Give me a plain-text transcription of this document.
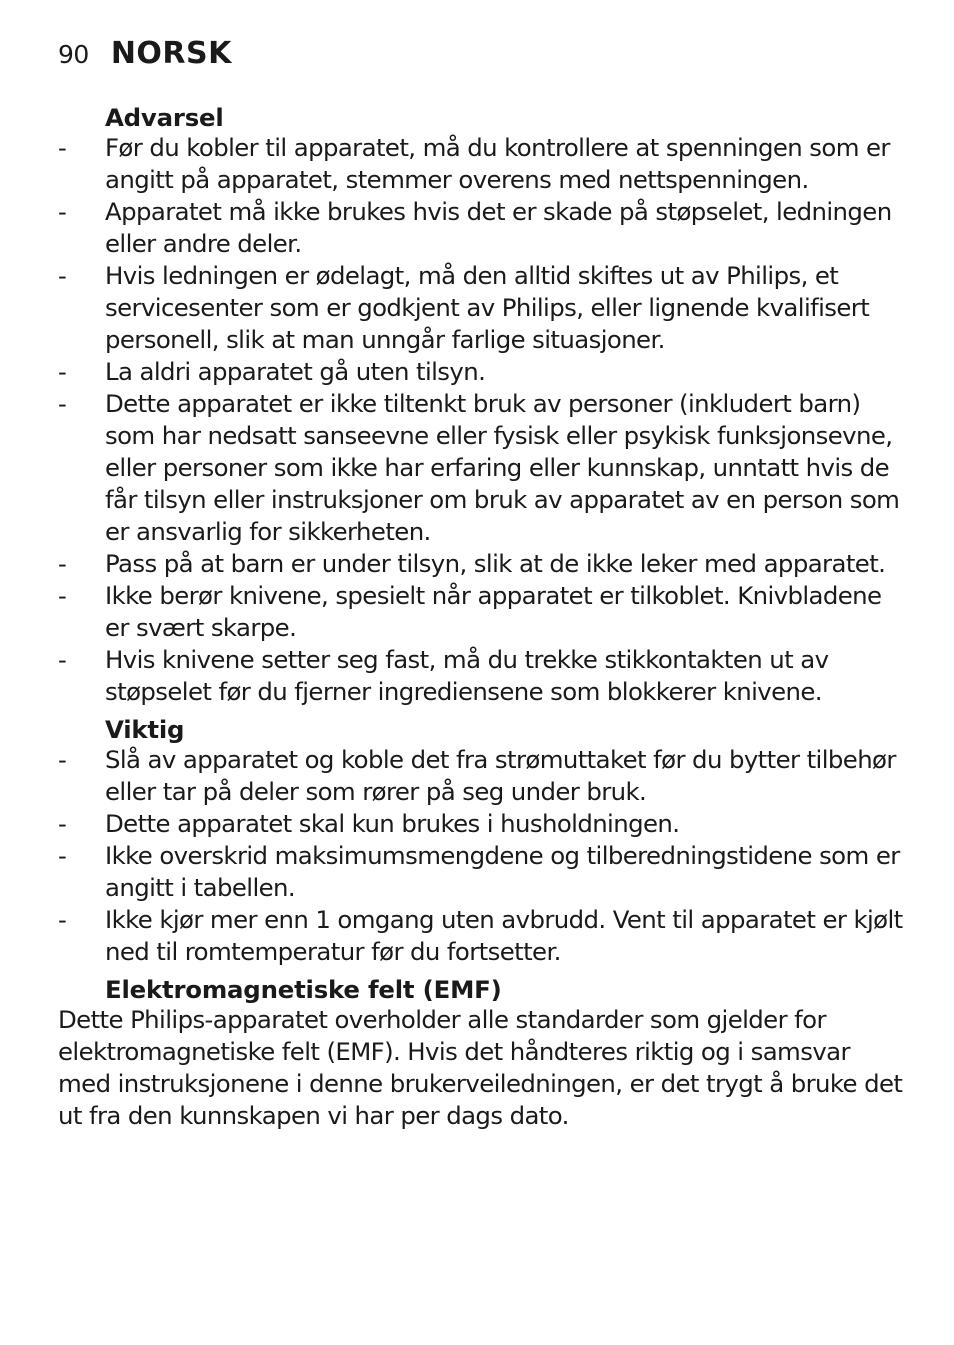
90 NORSK
Advarsel
- Før du kobler til apparatet, må du kontrollere at spenningen som er angitt på apparatet, stemmer overens med nettspenningen.
- Apparatet må ikke brukes hvis det er skade på støpselet, ledningen eller andre deler.
- Hvis ledningen er ødelagt, må den alltid skiftes ut av Philips, et servicesenter som er godkjent av Philips, eller lignende kvalifisert personell, slik at man unngår farlige situasjoner.
- La aldri apparatet gå uten tilsyn.
- Dette apparatet er ikke tiltenkt bruk av personer (inkludert barn) som har nedsatt sanseevne eller fysisk eller psykisk funksjonsevne, eller personer som ikke har erfaring eller kunnskap, unntatt hvis de får tilsyn eller instruksjoner om bruk av apparatet av en person som er ansvarlig for sikkerheten.
- Pass på at barn er under tilsyn, slik at de ikke leker med apparatet.
- Ikke berør knivene, spesielt når apparatet er tilkoblet. Knivbladene er svært skarpe.
- Hvis knivene setter seg fast, må du trekke stikkontakten ut av støpselet før du fjerner ingrediensene som blokkerer knivene.
Viktig
- Slå av apparatet og koble det fra strømuttaket før du bytter tilbehør eller tar på deler som rører på seg under bruk.
- Dette apparatet skal kun brukes i husholdningen.
- Ikke overskrid maksimumsmengdene og tilberedningstidene som er angitt i tabellen.
- Ikke kjør mer enn 1 omgang uten avbrudd. Vent til apparatet er kjølt ned til romtemperatur før du fortsetter.
Elektromagnetiske felt (EMF)

Dette Philips-apparatet overholder alle standarder som gjelder for elektromagnetiske felt (EMF). Hvis det håndteres riktig og i samsvar med instruksjonene i denne brukerveiledningen, er det trygt å bruke det ut fra den kunnskapen vi har per dags dato.
